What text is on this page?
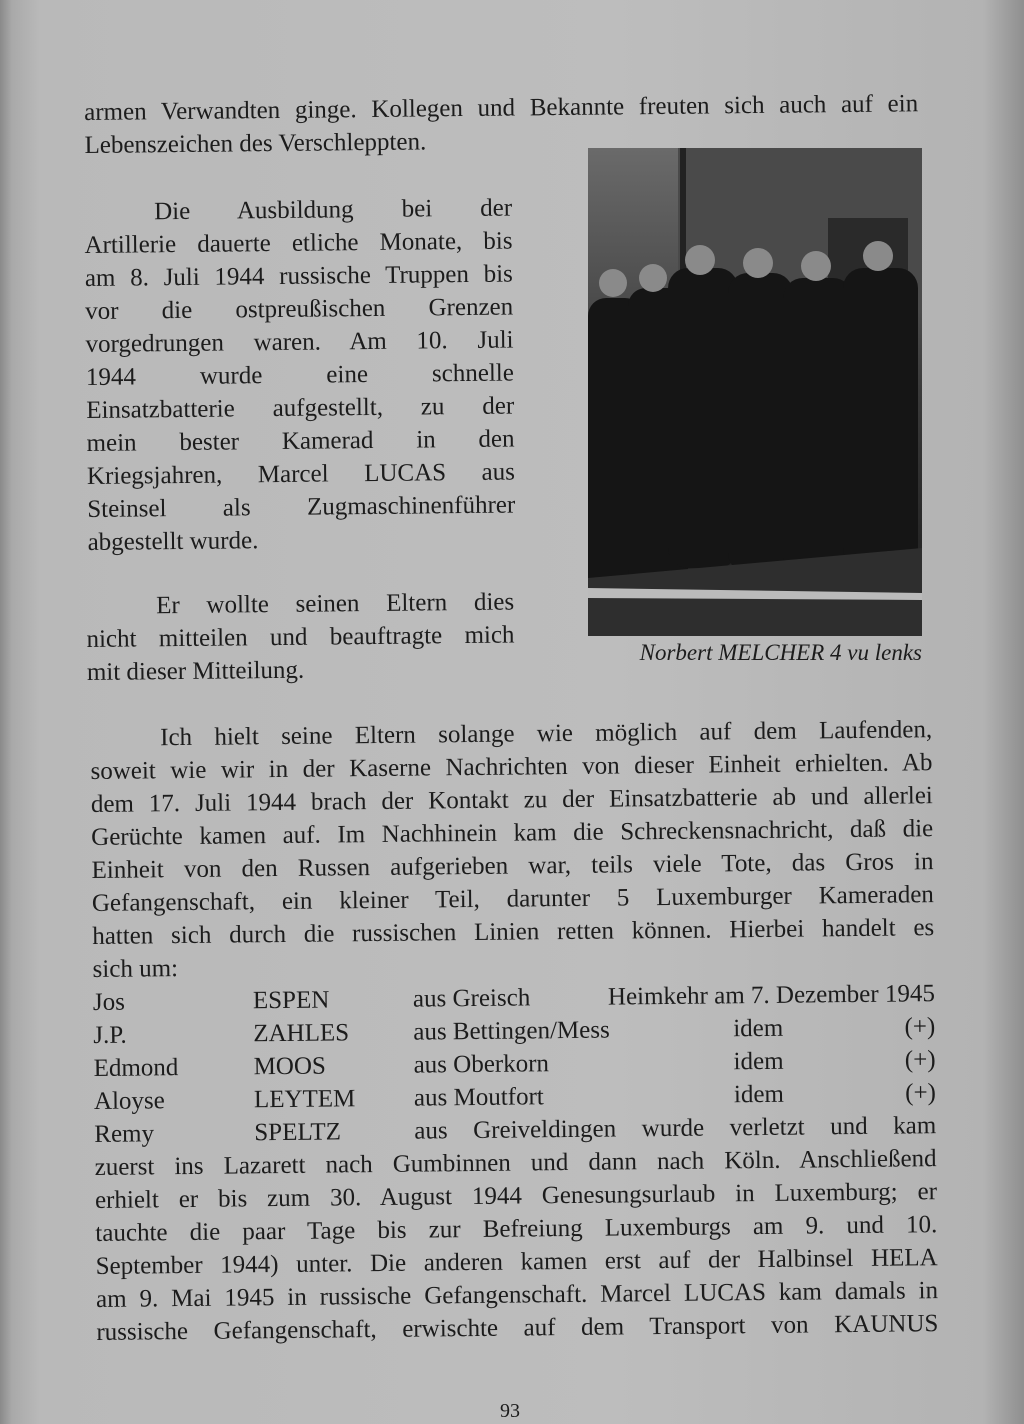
armen Verwandten ginge. Kollegen und Bekannte freuten sich auch auf ein
Lebenszeichen des Verschleppten.
Die Ausbildung bei der
Artillerie dauerte etliche Monate, bis
am 8. Juli 1944 russische Truppen bis
vor die ostpreußischen Grenzen
vorgedrungen waren. Am 10. Juli
1944 wurde eine schnelle
Einsatzbatterie aufgestellt, zu der
mein bester Kamerad in den
Kriegsjahren, Marcel LUCAS aus
Steinsel als Zugmaschinenführer
abgestellt wurde.
Er wollte seinen Eltern dies
nicht mitteilen und beauftragte mich
mit dieser Mitteilung.
Norbert MELCHER 4 vu lenks
Ich hielt seine Eltern solange wie möglich auf dem Laufenden,
soweit wie wir in der Kaserne Nachrichten von dieser Einheit erhielten. Ab
dem 17. Juli 1944 brach der Kontakt zu der Einsatzbatterie ab und allerlei
Gerüchte kamen auf. Im Nachhinein kam die Schreckensnachricht, daß die
Einheit von den Russen aufgerieben war, teils viele Tote, das Gros in
Gefangenschaft, ein kleiner Teil, darunter 5 Luxemburger Kameraden
hatten sich durch die russischen Linien retten können. Hierbei handelt es
sich um:
Jos	ESPEN	aus Greisch	Heimkehr am 7. Dezember 1945
J.P.	ZAHLES	aus Bettingen/Mess	idem	(+)
Edmond	MOOS	aus Oberkorn	idem	(+)
Aloyse	LEYTEM	aus Moutfort	idem	(+)
Remy	SPELTZ	aus Greiveldingen wurde verletzt und kam
zuerst ins Lazarett nach Gumbinnen und dann nach Köln. Anschließend
erhielt er bis zum 30. August 1944 Genesungsurlaub in Luxemburg; er
tauchte die paar Tage bis zur Befreiung Luxemburgs am 9. und 10.
September 1944) unter. Die anderen kamen erst auf der Halbinsel HELA
am 9. Mai 1945 in russische Gefangenschaft. Marcel LUCAS kam damals in
russische Gefangenschaft, erwischte auf dem Transport von KAUNUS
93
